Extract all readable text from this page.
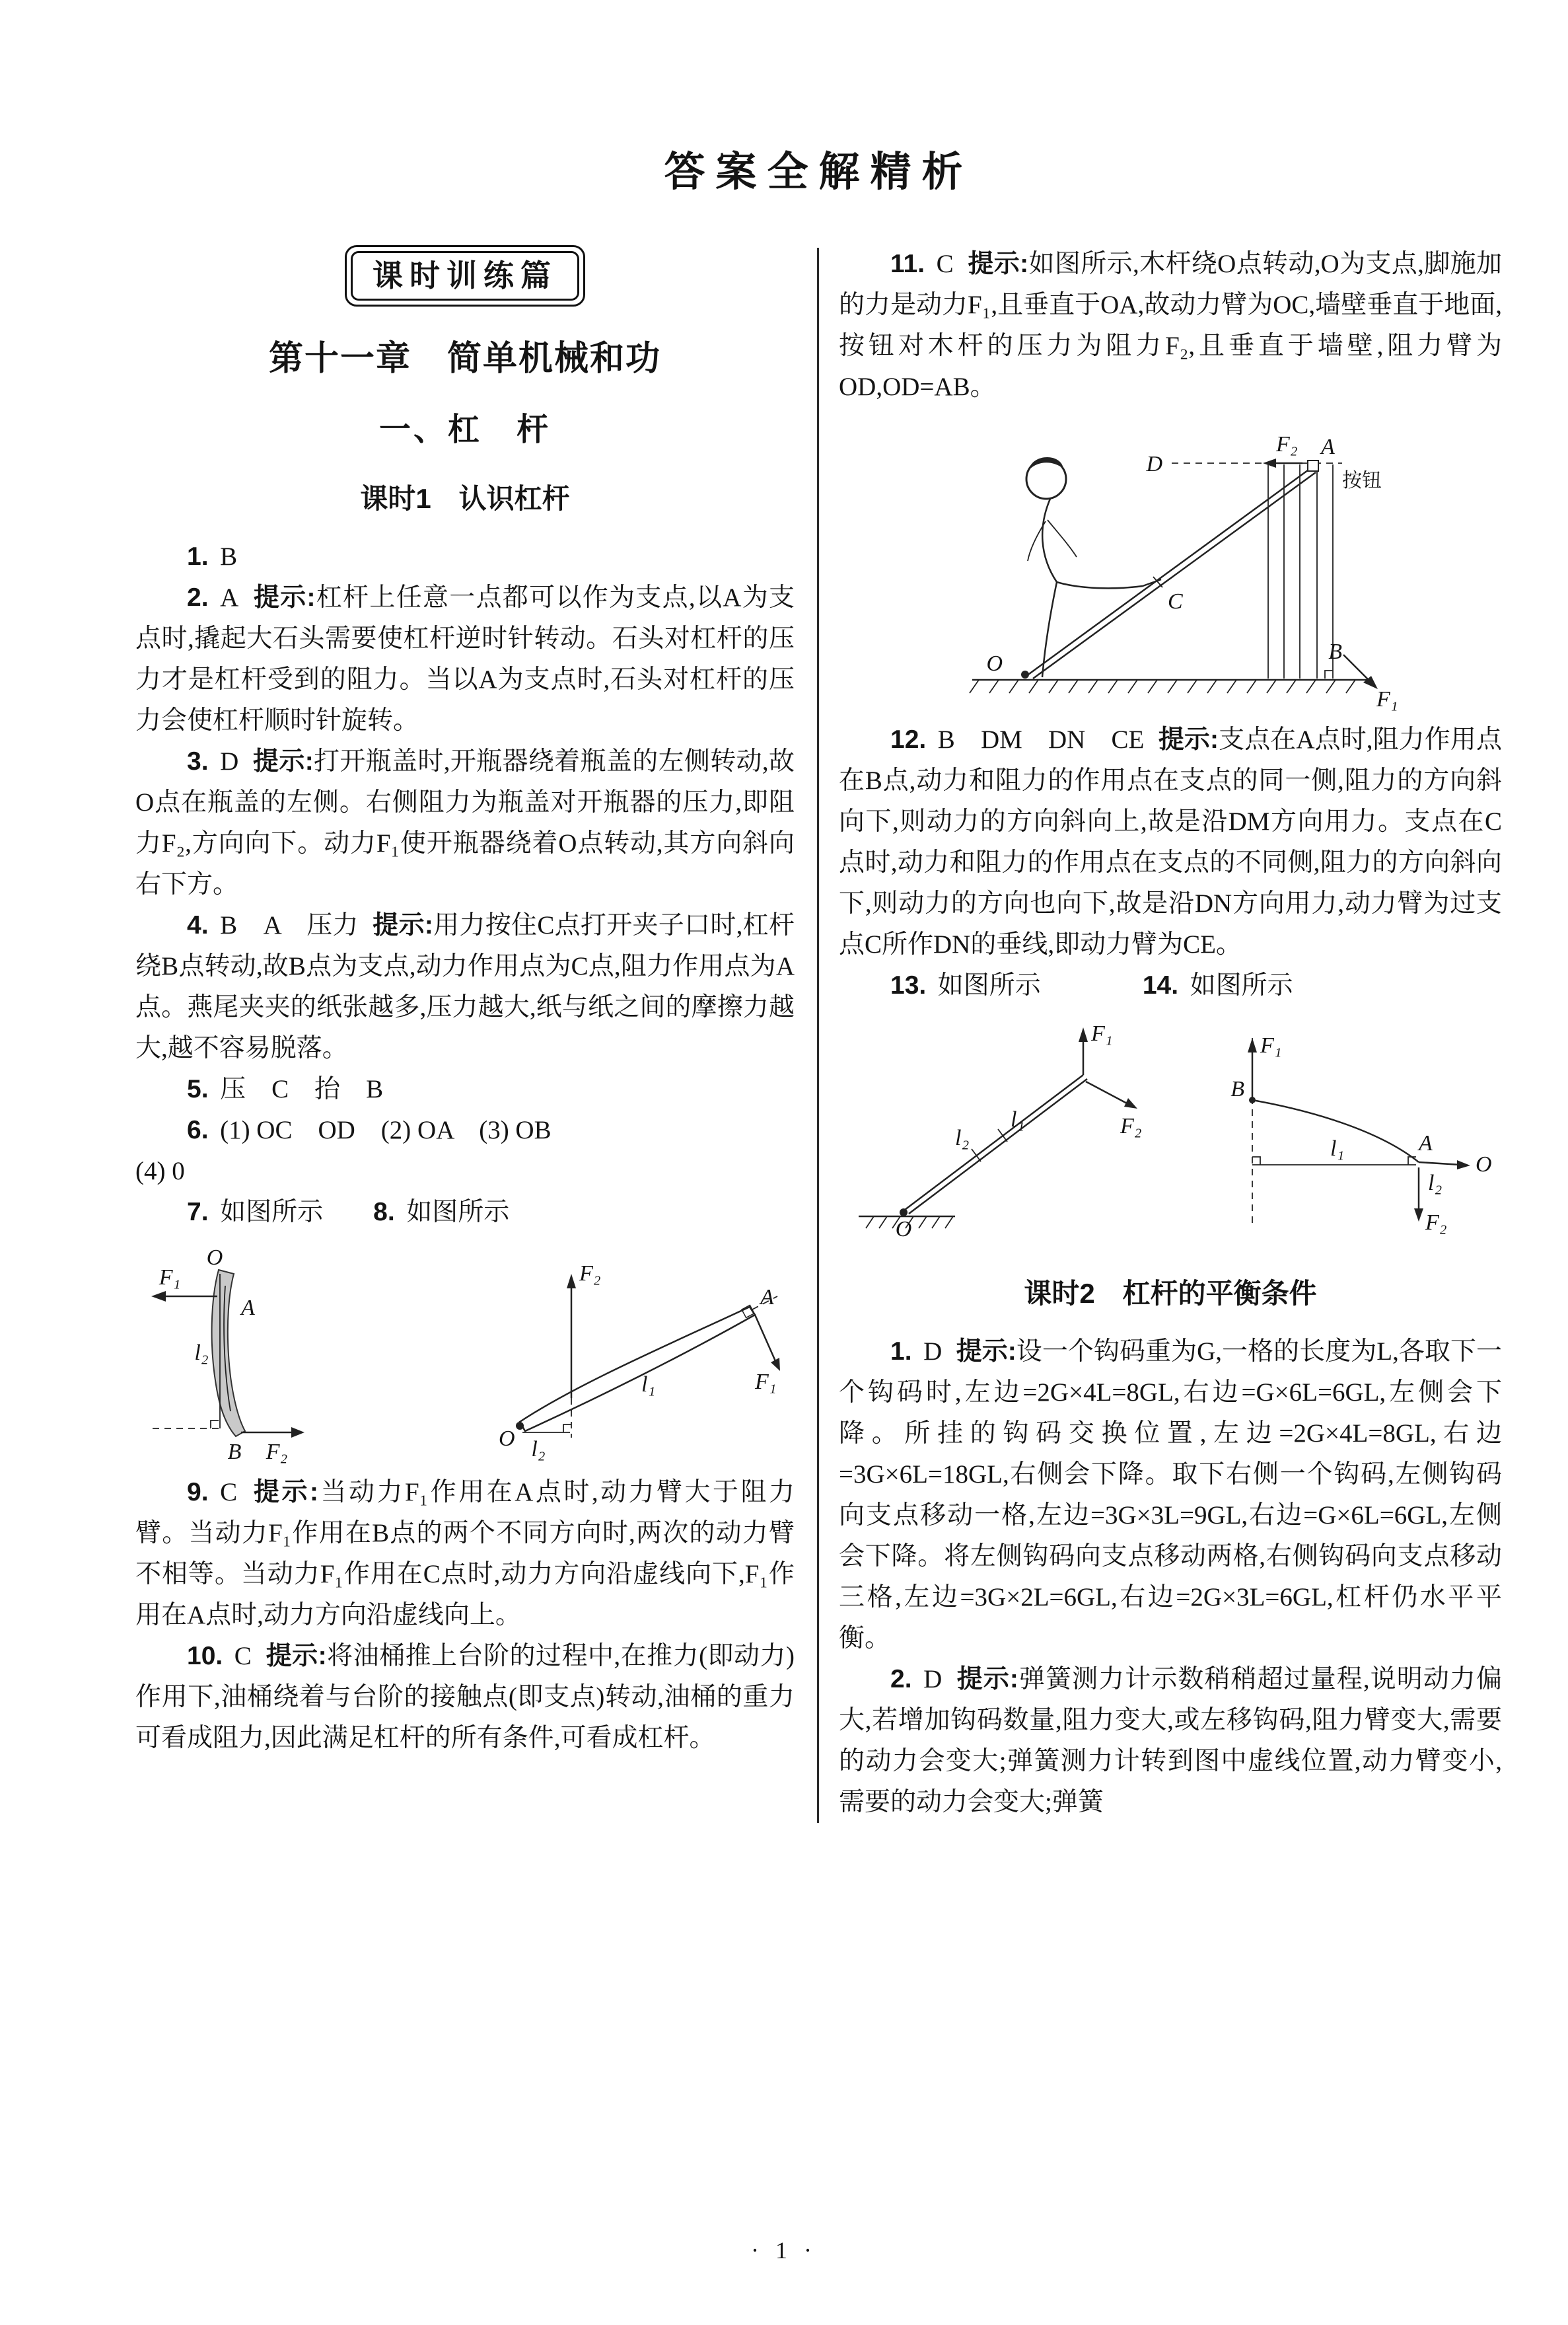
答案全解精析
课时训练篇
第十一章　简单机械和功
一、杠　杆
课时1　认识杠杆

1. B

2. A 提示:杠杆上任意一点都可以作为支点,以A为支点时,撬起大石头需要使杠杆逆时针转动。石头对杠杆的压力才是杠杆受到的阻力。当以A为支点时,石头对杠杆的压力会使杠杆顺时针旋转。

3. D 提示:打开瓶盖时,开瓶器绕着瓶盖的左侧转动,故O点在瓶盖的左侧。右侧阻力为瓶盖对开瓶器的压力,即阻力F₂,方向向下。动力F₁使开瓶器绕着O点转动,其方向斜向右下方。

4. B　A　压力 提示:用力按住C点打开夹子口时,杠杆绕B点转动,故B点为支点,动力作用点为C点,阻力作用点为A点。燕尾夹夹的纸张越多,压力越大,纸与纸之间的摩擦力越大,越不容易脱落。

5. 压　C　抬　B

6. (1) OC　OD　(2) OA　(3) OB
(4) 0

7. 如图所示 8. 如图所示

O
F₁
A
l₂
B F₂
F₂
A
l₁
O l₂
F₁

9. C 提示:当动力F₁作用在A点时,动力臂大于阻力臂。当动力F₁作用在B点的两个不同方向时,两次的动力臂不相等。当动力F₁作用在C点时,动力方向沿虚线向下,F₁作用在A点时,动力方向沿虚线向上。

10. C 提示:将油桶推上台阶的过程中,在推力(即动力)作用下,油桶绕着与台阶的接触点(即支点)转动,油桶的重力可看成阻力,因此满足杠杆的所有条件,可看成杠杆。

11. C 提示:如图所示,木杆绕O点转动,O为支点,脚施加的力是动力F₁,且垂直于OA,故动力臂为OC,墙壁垂直于地面,按钮对木杆的压力为阻力F₂,且垂直于墙壁,阻力臂为OD,OD=AB。

D
F₂ A
按钮
O
C
B
F₁

12. B　DM　DN　CE 提示:支点在A点时,阻力作用点在B点,动力和阻力的作用点在支点的同一侧,阻力的方向斜向下,则动力的方向斜向上,故是沿DM方向用力。支点在C点时,动力和阻力的作用点在支点的不同侧,阻力的方向斜向下,则动力的方向也向下,故是沿DN方向用力,动力臂为过支点C所作DN的垂线,即动力臂为CE。

13. 如图所示	14. 如图所示

F₁
l₁
l₂	F₂
O
F₁
B
l₁	A
O
l₂
F₂
课时2　杠杆的平衡条件

1. D 提示:设一个钩码重为G,一格的长度为L,各取下一个钩码时,左边=2G×4L=8GL,右边=G×6L=6GL,左侧会下降。所挂的钩码交换位置,左边=2G×4L=8GL,右边=3G×6L=18GL,右侧会下降。取下右侧一个钩码,左侧钩码向支点移动一格,左边=3G×3L=9GL,右边=G×6L=6GL,左侧会下降。将左侧钩码向支点移动两格,右侧钩码向支点移动三格,左边=3G×2L=6GL,右边=2G×3L=6GL,杠杆仍水平平衡。

2. D 提示:弹簧测力计示数稍稍超过量程,说明动力偏大,若增加钩码数量,阻力变大,或左移钩码,阻力臂变大,需要的动力会变大;弹簧测力计转到图中虚线位置,动力臂变小,需要的动力会变大;弹簧

· 1 ·
